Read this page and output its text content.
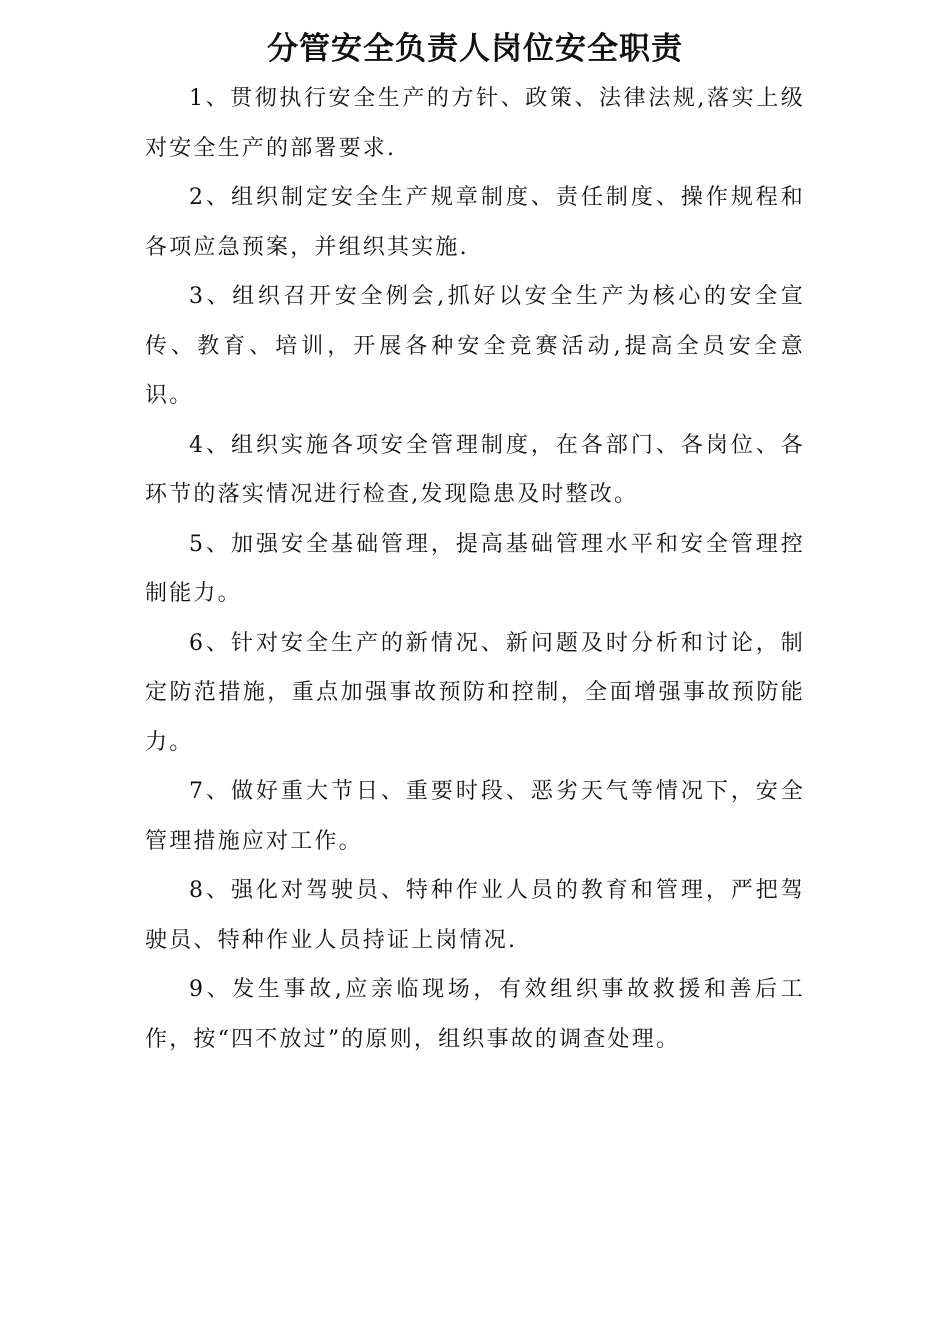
分管安全负责人岗位安全职责

1、贯彻执行安全生产的方针、政策、法律法规,落实上级对安全生产的部署要求.

2、组织制定安全生产规章制度、责任制度、操作规程和各项应急预案，并组织其实施.

3、组织召开安全例会,抓好以安全生产为核心的安全宣传、教育、培训，开展各种安全竞赛活动,提高全员安全意识。

4、组织实施各项安全管理制度，在各部门、各岗位、各环节的落实情况进行检查,发现隐患及时整改。

5、加强安全基础管理，提高基础管理水平和安全管理控制能力。

6、针对安全生产的新情况、新问题及时分析和讨论，制定防范措施，重点加强事故预防和控制，全面增强事故预防能力。

7、做好重大节日、重要时段、恶劣天气等情况下，安全管理措施应对工作。

8、强化对驾驶员、特种作业人员的教育和管理，严把驾驶员、特种作业人员持证上岗情况.

9、发生事故,应亲临现场，有效组织事故救援和善后工作，按“四不放过”的原则，组织事故的调查处理。
